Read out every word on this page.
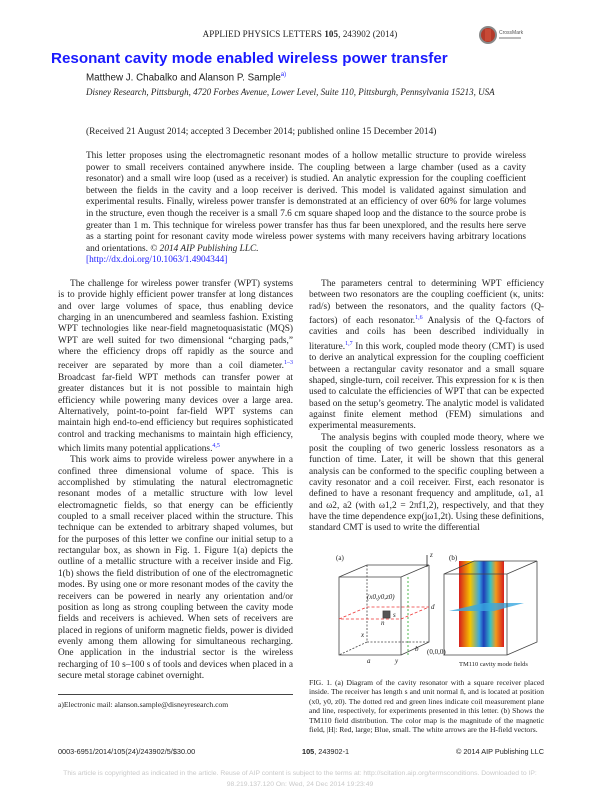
APPLIED PHYSICS LETTERS 105, 243902 (2014)	CrossMark
Resonant cavity mode enabled wireless power transfer
Matthew J. Chabalko and Alanson P. Sample$^{a)}$
Disney Research, Pittsburgh, 4720 Forbes Avenue, Lower Level, Suite 110, Pittsburgh, Pennsylvania 15213, USA
(Received 21 August 2014; accepted 3 December 2014; published online 15 December 2014)
This letter proposes using the electromagnetic resonant modes of a hollow metallic structure to provide wireless power to small receivers contained anywhere inside. The coupling between a large chamber (used as a cavity resonator) and a small wire loop (used as a receiver) is studied. An analytic expression for the coupling coefficient between the fields in the cavity and a loop receiver is derived. This model is validated against simulation and experimental results. Finally, wireless power transfer is demonstrated at an efficiency of over 60% for large volumes in the structure, even though the receiver is a small 7.6 cm square shaped loop and the distance to the source probe is greater than 1 m. This technique for wireless power transfer has thus far been unexplored, and the results here serve as a starting point for resonant cavity mode wireless power systems with many receivers having arbitrary locations and orientations. © 2014 AIP Publishing LLC.
[http://dx.doi.org/10.1063/1.4904344]

The challenge for wireless power transfer (WPT) systems is to provide highly efficient power transfer at long distances and over large volumes of space, thus enabling device charging in an unencumbered and seamless fashion. Existing WPT technologies like near-field magnetoquasistatic (MQS) WPT are well suited for two dimensional “charging pads,” where the efficiency drops off rapidly as the source and receiver are separated by more than a coil diameter.$^{1-3}$ Broadcast far-field WPT methods can transfer power at greater distances but it is not possible to maintain high efficiency while powering many devices over a large area. Alternatively, point-to-point far-field WPT systems can maintain high end-to-end efficiency but requires sophisticated control and tracking mechanisms to maintain high efficiency, which limits many potential applications.$^{4,5}$

This work aims to provide wireless power anywhere in a confined three dimensional volume of space. This is accomplished by stimulating the natural electromagnetic resonant modes of a metallic structure with low level electromagnetic fields, so that energy can be efficiently coupled to a small receiver placed within the structure. This technique can be extended to arbitrary shaped volumes, but for the purposes of this letter we confine our initial setup to a rectangular box, as shown in Fig. 1. Figure 1(a) depicts the outline of a metallic structure with a receiver inside and Fig. 1(b) shows the field distribution of one of the electromagnetic modes. By using one or more resonant modes of the cavity the receivers can be powered in nearly any orientation and/or position as long as strong coupling between the cavity mode fields and receivers is achieved. When sets of receivers are placed in regions of uniform magnetic fields, power is divided evenly among them allowing for simultaneous recharging. One application in the industrial sector is the wireless recharging of 10 s–100 s of tools and devices when placed in a secure metal storage cabinet overnight.

The parameters central to determining WPT efficiency between two resonators are the coupling coefficient (κ, units: rad/s) between the resonators, and the quality factors (Q-factors) of each resonator.$^{1,6}$ Analysis of the Q-factors of cavities and coils has been described individually in literature.$^{1,7}$ In this work, coupled mode theory (CMT) is used to derive an analytical expression for the coupling coefficient between a rectangular cavity resonator and a small square shaped, single-turn, coil receiver. This expression for κ is then used to calculate the efficiencies of WPT that can be expected based on the setup’s geometry. The analytic model is validated against finite element method (FEM) simulations and experimental measurements.

The analysis begins with coupled mode theory, where we posit the coupling of two generic lossless resonators as a function of time. Later, it will be shown that this general analysis can be conformed to the specific coupling between a cavity resonator and a coil receiver. First, each resonator is defined to have a resonant frequency and amplitude, ω1, a1 and ω2, a2 (with ω1,2 = 2πf1,2), respectively, and that they have the time dependence exp(jω1,2t). Using these definitions, standard CMT is used to write the differential

(a)
(x0,y0,z0)
s
n
z
x
y
a
b
d
(0,0,0)
(b)
TM110 cavity mode fields
FIG. 1. (a) Diagram of the cavity resonator with a square receiver placed inside. The receiver has length s and unit normal n̂, and is located at position (x0, y0, z0). The dotted red and green lines indicate coil measurement plane and line, respectively, for experiments presented in this letter. (b) Shows the TM110 field distribution. The color map is the magnitude of the magnetic field, |H|: Red, large; Blue, small. The white arrows are the H-field vectors.
a)Electronic mail: alanson.sample@disneyresearch.com
0003-6951/2014/105(24)/243902/5/$30.00	105, 243902-1	© 2014 AIP Publishing LLC
This article is copyrighted as indicated in the article. Reuse of AIP content is subject to the terms at: http://scitation.aip.org/termsconditions. Downloaded to IP:
98.219.137.120 On: Wed, 24 Dec 2014 19:23:49
